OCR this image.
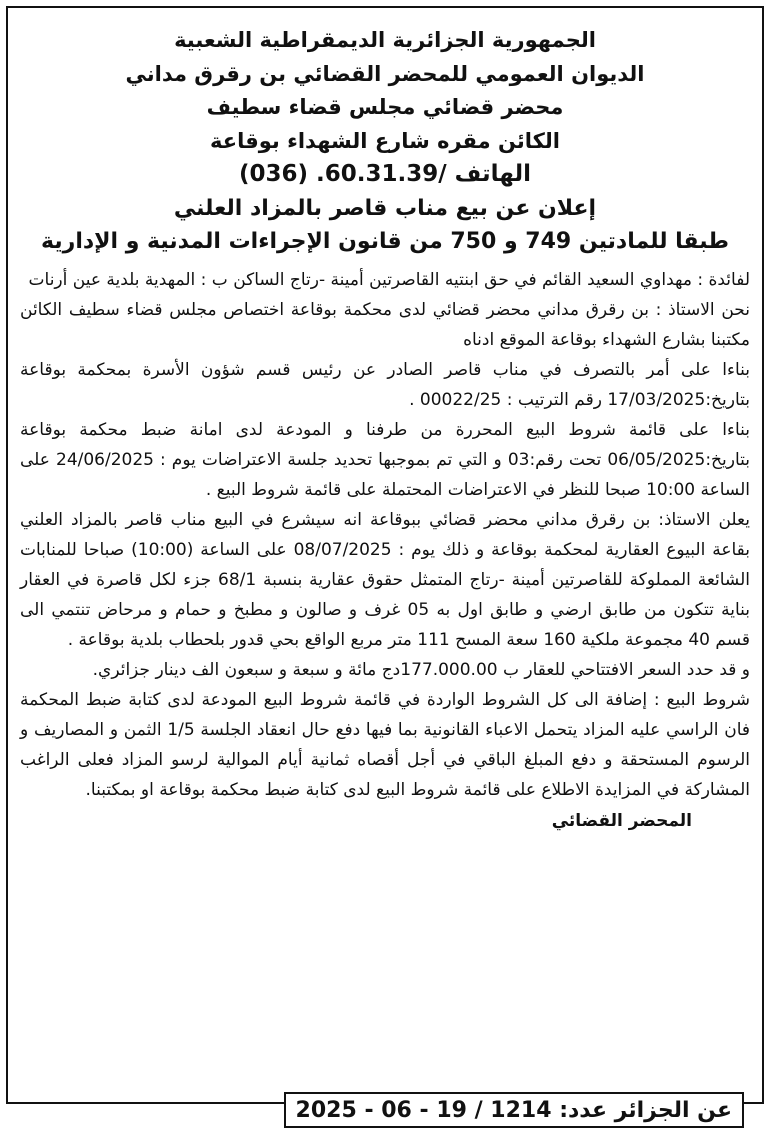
الجمهورية الجزائرية الديمقراطية الشعبية
الديوان العمومي للمحضر القضائي بن رقرق مداني
محضر قضائي مجلس قضاء سطيف
الكائن مقره شارع الشهداء بوقاعة
الهاتف /60.31.39. (036)
إعلان عن بيع مناب قاصر بالمزاد العلني
طبقا للمادتين 749 و 750 من قانون الإجراءات المدنية و الإدارية

لفائدة : مهداوي السعيد القائم في حق ابنتيه القاصرتين أمينة -رتاج الساكن ب : المهدية بلدية عين أرنات

نحن الاستاذ : بن رقرق مداني محضر قضائي لدى محكمة بوقاعة اختصاص مجلس قضاء سطيف الكائن مكتبنا بشارع الشهداء بوقاعة الموقع ادناه

بناءا على أمر بالتصرف في مناب قاصر الصادر عن رئيس قسم شؤون الأسرة بمحكمة بوقاعة بتاريخ:17/03/2025 رقم الترتيب : 00022/25 .

بناءا على قائمة شروط البيع المحررة من طرفنا و المودعة لدى امانة ضبط محكمة بوقاعة بتاريخ:06/05/2025 تحت رقم:03 و التي تم بموجبها تحديد جلسة الاعتراضات يوم : 24/06/2025 على الساعة 10:00 صبحا للنظر في الاعتراضات المحتملة على قائمة شروط البيع .

يعلن الاستاذ: بن رقرق مداني محضر قضائي ببوقاعة انه سيشرع في البيع مناب قاصر بالمزاد العلني بقاعة البيوع العقارية لمحكمة بوقاعة و ذلك يوم : 08/07/2025 على الساعة (10:00) صباحا للمنابات الشائعة المملوكة للقاصرتين أمينة -رتاج المتمثل حقوق عقارية بنسبة 68/1 جزء لكل قاصرة في العقار بناية تتكون من طابق ارضي و طابق اول به 05 غرف و صالون و مطبخ و حمام و مرحاض تنتمي الى قسم 40 مجموعة ملكية 160 سعة المسح 111 متر مربع الواقع بحي قدور بلحطاب بلدية بوقاعة .

و قد حدد السعر الافتتاحي للعقار ب 177.000.00دج مائة و سبعة و سبعون الف دينار جزائري.

شروط البيع : إضافة الى كل الشروط الواردة في قائمة شروط البيع المودعة لدى كتابة ضبط المحكمة فان الراسي عليه المزاد يتحمل الاعباء القانونية بما فيها دفع حال انعقاد الجلسة 1/5 الثمن و المصاريف و الرسوم المستحقة و دفع المبلغ الباقي في أجل أقصاه ثمانية أيام الموالية لرسو المزاد فعلى الراغب المشاركة في المزايدة الاطلاع على قائمة شروط البيع لدى كتابة ضبط محكمة بوقاعة او بمكتبنا.

المحضر القضائي
عن الجزائر عدد: 1214 / 19 - 06 - 2025
